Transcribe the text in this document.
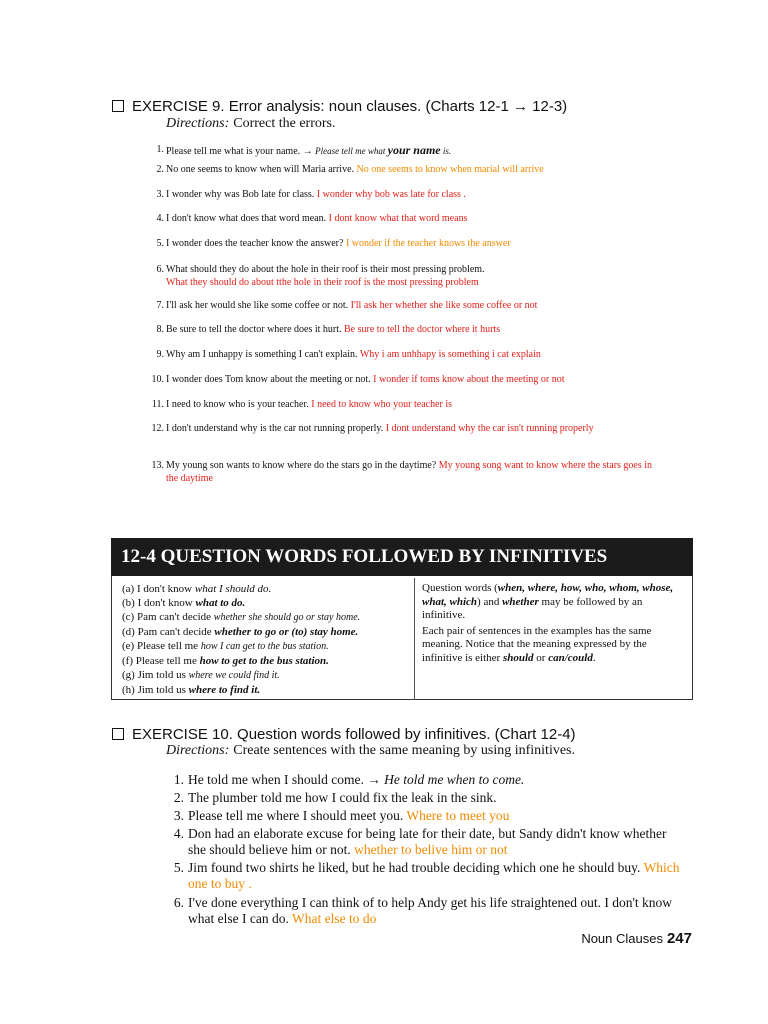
EXERCISE 9. Error analysis: noun clauses. (Charts 12-1 → 12-3)
Directions: Correct the errors.
1. Please tell me what is your name. → Please tell me what your name is.
2. No one seems to know when will Maria arrive. No one seems to know when marial will arrive
3. I wonder why was Bob late for class. I wonder why bob was late for class .
4. I don't know what does that word mean. I dont know what that word means
5. I wonder does the teacher know the answer? I wonder if the teacher knows the answer
6. What should they do about the hole in their roof is their most pressing problem.
What they should do about tthe hole in their roof is the most pressing problem
7. I'll ask her would she like some coffee or not. I'll ask her whether she like some coffee or not
8. Be sure to tell the doctor where does it hurt. Be sure to tell the doctor where it hurts
9. Why am I unhappy is something I can't explain. Why i am unhhapy is something i cat explain
10. I wonder does Tom know about the meeting or not. I wonder if toms know about the meeting or not
11. I need to know who is your teacher. I need to know who your teacher is
12. I don't understand why is the car not running properly. I dont understand why the car isn't running properly
13. My young son wants to know where do the stars go in the daytime? My young song want to know where the stars goes in the daytime
12-4 QUESTION WORDS FOLLOWED BY INFINITIVES
(a) I don't know what I should do.
(b) I don't know what to do.
(c) Pam can't decide whether she should go or stay home.
(d) Pam can't decide whether to go or (to) stay home.
(e) Please tell me how I can get to the bus station.
(f) Please tell me how to get to the bus station.
(g) Jim told us where we could find it.
(h) Jim told us where to find it.

Question words (when, where, how, who, whom, whose, what, which) and whether may be followed by an infinitive.

Each pair of sentences in the examples has the same meaning. Notice that the meaning expressed by the infinitive is either should or can/could.

EXERCISE 10. Question words followed by infinitives. (Chart 12-4)
Directions: Create sentences with the same meaning by using infinitives.
1. He told me when I should come. → He told me when to come.
2. The plumber told me how I could fix the leak in the sink.
3. Please tell me where I should meet you. Where to meet you
4. Don had an elaborate excuse for being late for their date, but Sandy didn't know whether she should believe him or not. whether to belive him or not
5. Jim found two shirts he liked, but he had trouble deciding which one he should buy. Which one to buy .
6. I've done everything I can think of to help Andy get his life straightened out. I don't know what else I can do. What else to do
Noun Clauses 247
